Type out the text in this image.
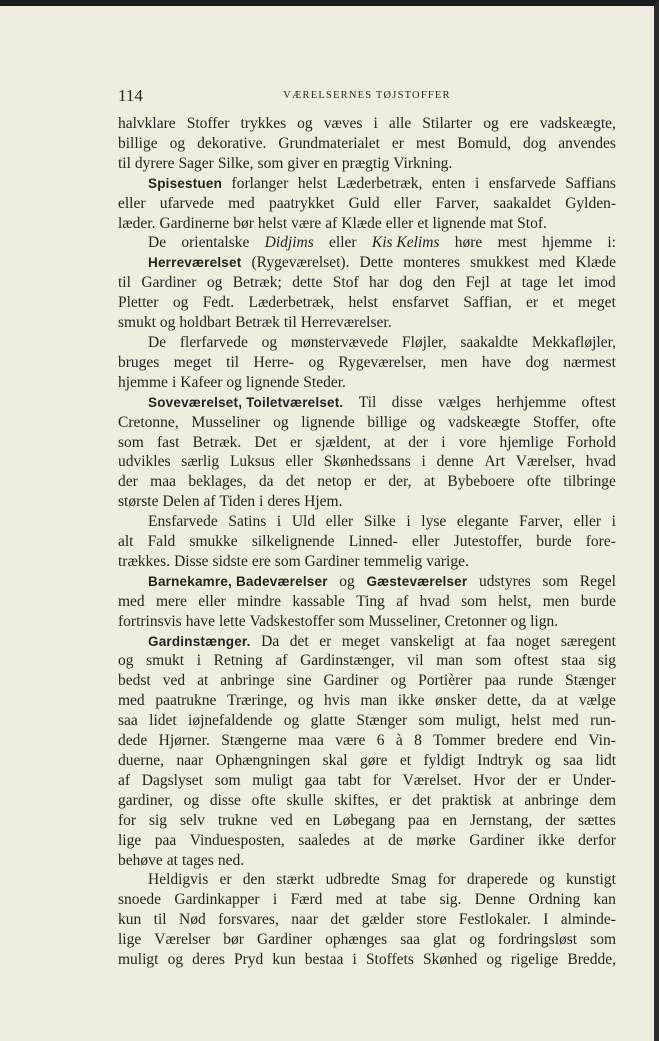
114	VÆRELSERNES TØJSTOFFER
halvklare Stoffer trykkes og væves i alle Stilarter og ere vadskeægte,
billige og dekorative. Grundmaterialet er mest Bomuld, dog anvendes
til dyrere Sager Silke, som giver en prægtig Virkning.
Spisestuen forlanger helst Læderbetræk, enten i ensfarvede Saffians
eller ufarvede med paatrykket Guld eller Farver, saakaldet Gylden-
læder. Gardinerne bør helst være af Klæde eller et lignende mat Stof.
De orientalske Didjims eller Kis Kelims høre mest hjemme i:
Herreværelset (Rygeværelset). Dette monteres smukkest med Klæde
til Gardiner og Betræk; dette Stof har dog den Fejl at tage let imod
Pletter og Fedt. Læderbetræk, helst ensfarvet Saffian, er et meget
smukt og holdbart Betræk til Herreværelser.
De flerfarvede og mønstervævede Fløjler, saakaldte Mekkafløjler,
bruges meget til Herre- og Rygeværelser, men have dog nærmest
hjemme i Kafeer og lignende Steder.
Soveværelset, Toiletværelset. Til disse vælges herhjemme oftest
Cretonne, Musseliner og lignende billige og vadskeægte Stoffer, ofte
som fast Betræk. Det er sjældent, at der i vore hjemlige Forhold
udvikles særlig Luksus eller Skønhedssans i denne Art Værelser, hvad
der maa beklages, da det netop er der, at Bybeboere ofte tilbringe
største Delen af Tiden i deres Hjem.
Ensfarvede Satins i Uld eller Silke i lyse elegante Farver, eller i
alt Fald smukke silkelignende Linned- eller Jutestoffer, burde fore-
trækkes. Disse sidste ere som Gardiner temmelig varige.
Barnekamre, Badeværelser og Gæsteværelser udstyres som Regel
med mere eller mindre kassable Ting af hvad som helst, men burde
fortrinsvis have lette Vadskestoffer som Musseliner, Cretonner og lign.
Gardinstænger. Da det er meget vanskeligt at faa noget særegent
og smukt i Retning af Gardinstænger, vil man som oftest staa sig
bedst ved at anbringe sine Gardiner og Portièrer paa runde Stænger
med paatrukne Træringe, og hvis man ikke ønsker dette, da at vælge
saa lidet iøjnefaldende og glatte Stænger som muligt, helst med run-
dede Hjørner. Stængerne maa være 6 à 8 Tommer bredere end Vin-
duerne, naar Ophængningen skal gøre et fyldigt Indtryk og saa lidt
af Dagslyset som muligt gaa tabt for Værelset. Hvor der er Under-
gardiner, og disse ofte skulle skiftes, er det praktisk at anbringe dem
for sig selv trukne ved en Løbegang paa en Jernstang, der sættes
lige paa Vinduesposten, saaledes at de mørke Gardiner ikke derfor
behøve at tages ned.
Heldigvis er den stærkt udbredte Smag for draperede og kunstigt
snoede Gardinkapper i Færd med at tabe sig. Denne Ordning kan
kun til Nød forsvares, naar det gælder store Festlokaler. I alminde-
lige Værelser bør Gardiner ophænges saa glat og fordringsløst som
muligt og deres Pryd kun bestaa i Stoffets Skønhed og rigelige Bredde,
